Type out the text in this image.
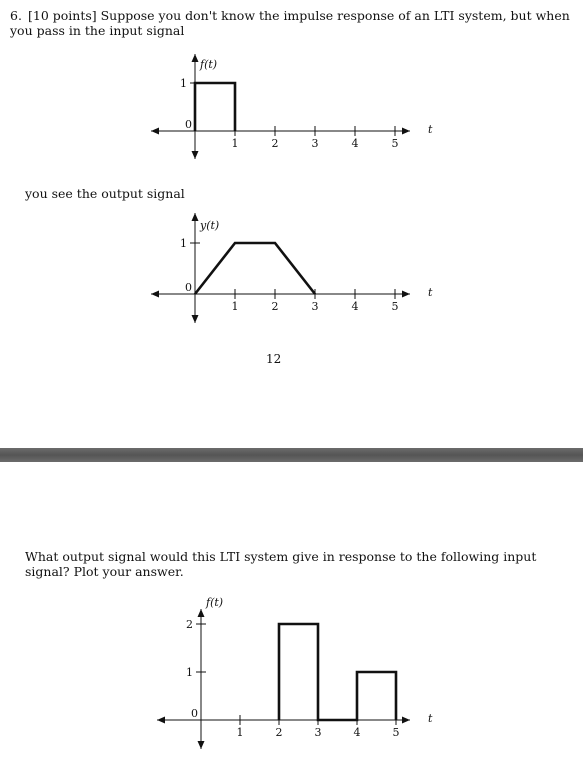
6. [10 points] Suppose you don't know the impulse response of an LTI system, but when you pass in the input signal
1	2	3	4	5
1
0
f(t)
t
you see the output signal
1	2	3	4	5
1
0
y(t)
t
12
What output signal would this LTI system give in response to the following input signal? Plot your answer.
1	2	3	4	5
1
2
0
f(t)
t
